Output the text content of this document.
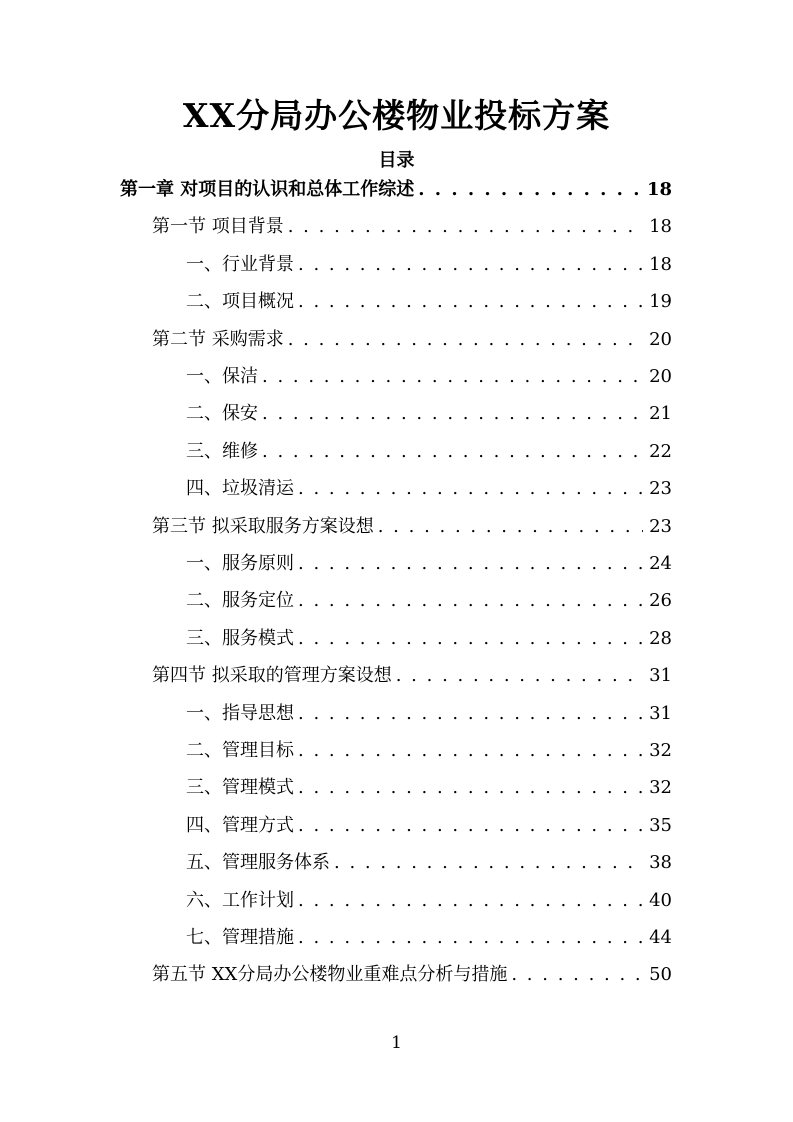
XX分局办公楼物业投标方案
目录
第一章 对项目的认识和总体工作综述 . . .	18
第一节 项目背景 . . .	18
一、行业背景 . . .	18
二、项目概况 . . .	19
第二节 采购需求 . . .	20
一、保洁 . . .	20
二、保安 . . .	21
三、维修 . . .	22
四、垃圾清运 . . .	23
第三节 拟采取服务方案设想 . . .	23
一、服务原则 . . .	24
二、服务定位 . . .	26
三、服务模式 . . .	28
第四节 拟采取的管理方案设想 . . .	31
一、指导思想 . . .	31
二、管理目标 . . .	32
三、管理模式 . . .	32
四、管理方式 . . .	35
五、管理服务体系 . . .	38
六、工作计划 . . .	40
七、管理措施 . . .	44
第五节 XX分局办公楼物业重难点分析与措施 . . .	50
1
